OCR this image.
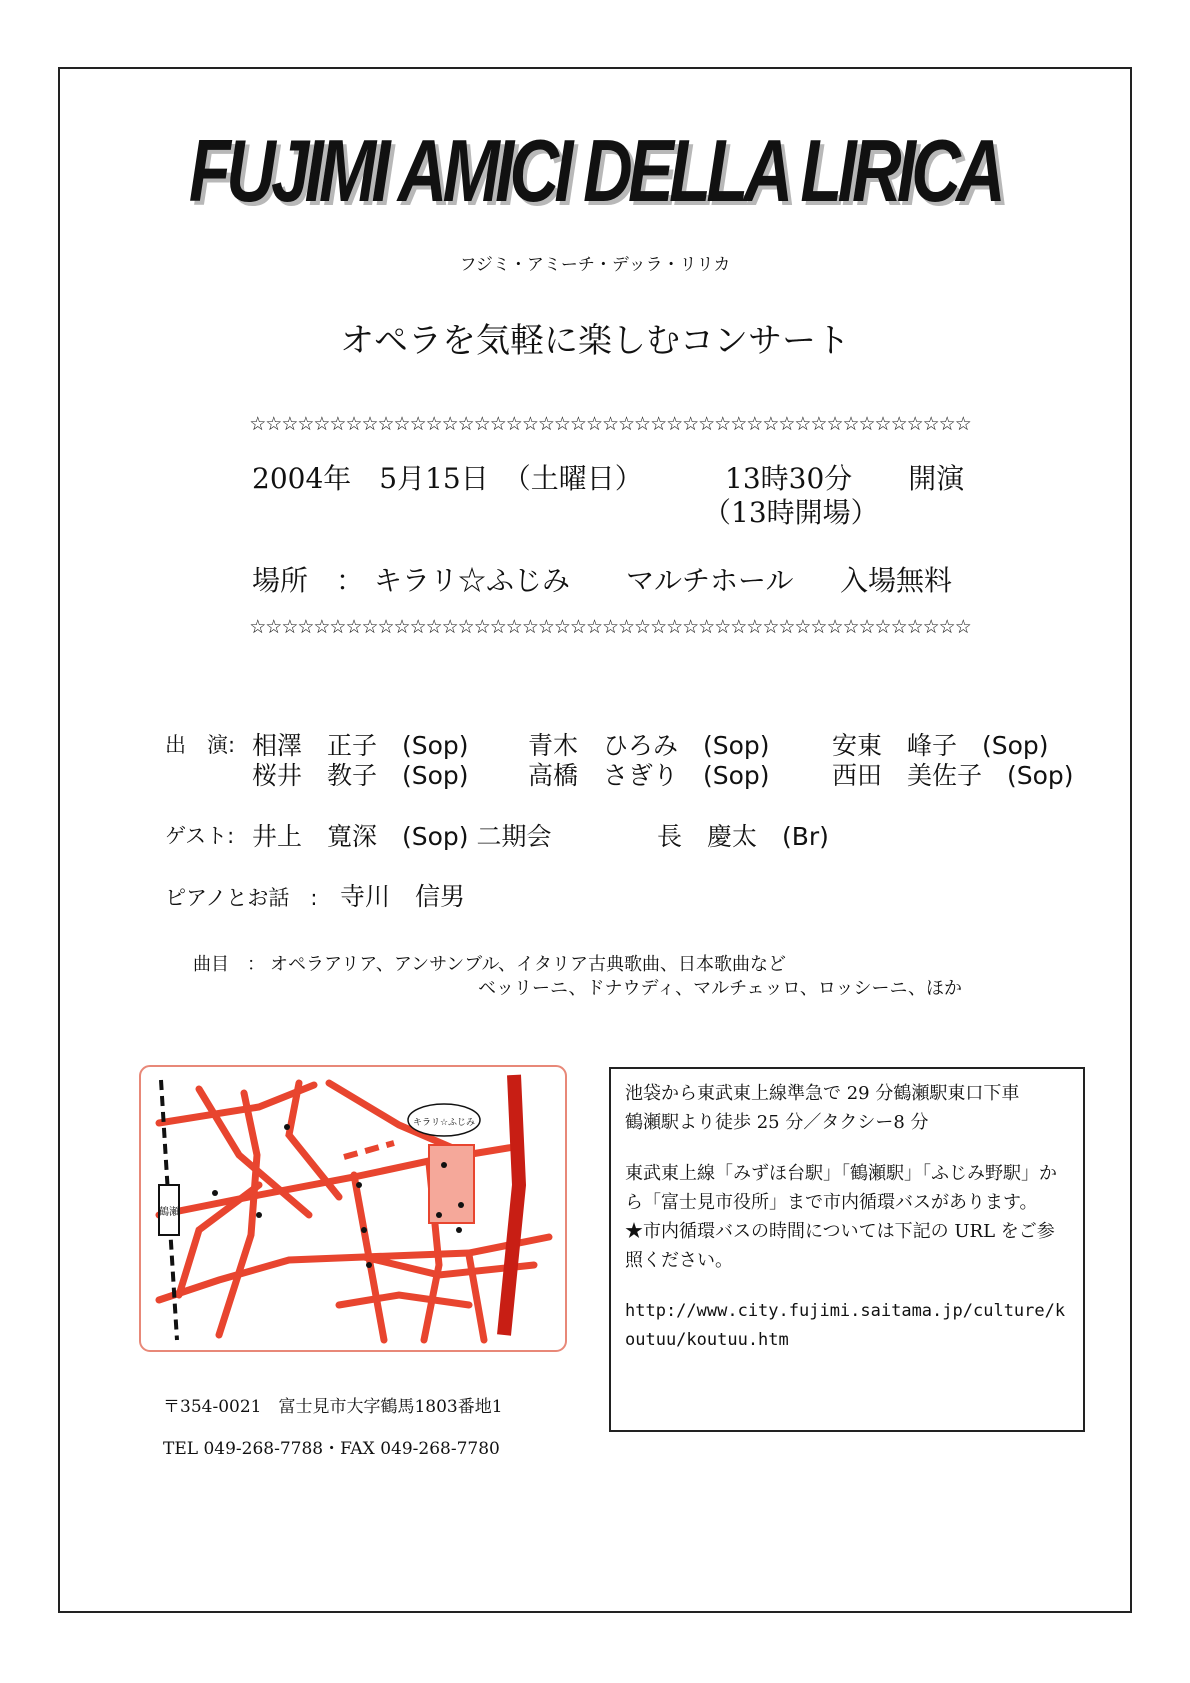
FUJIMI AMICI DELLA LIRICA
フジミ・アミーチ・デッラ・リリカ
オペラを気軽に楽しむコンサート
☆☆☆☆☆☆☆☆☆☆☆☆☆☆☆☆☆☆☆☆☆☆☆☆☆☆☆☆☆☆☆☆☆☆☆☆☆☆☆☆☆☆☆☆☆
2004年　5月15日　（土曜日）	13時30分　　開演
（13時開場）
場所　： キラリ☆ふじみ　　マルチホール 入場無料
☆☆☆☆☆☆☆☆☆☆☆☆☆☆☆☆☆☆☆☆☆☆☆☆☆☆☆☆☆☆☆☆☆☆☆☆☆☆☆☆☆☆☆☆☆
出　演: 相澤　正子　(Sop) 青木　ひろみ　(Sop) 安東　峰子　(Sop)
桜井　教子　(Sop) 高橋　さぎり　(Sop) 西田　美佐子　(Sop)
ゲスト: 井上　寛深　(Sop) 二期会	長　慶太　(Br)
ピアノとお話　: 寺川　信男
曲目　： オペラアリア、アンサンブル、イタリア古典歌曲、日本歌曲など
ベッリーニ、ドナウディ、マルチェッロ、ロッシーニ、ほか
キラリ☆ふじみ
鶴瀬
〒354-0021　富士見市大字鶴馬1803番地1
TEL 049-268-7788・FAX 049-268-7780

池袋から東武東上線準急で 29 分鶴瀬駅東口下車

鶴瀬駅より徒歩 25 分／タクシー8 分

東武東上線「みずほ台駅」「鶴瀬駅」「ふじみ野駅」から「富士見市役所」まで市内循環バスがあります。

★市内循環バスの時間については下記の URL をご参照ください。

http://www.city.fujimi.saitama.jp/culture/koutuu/koutuu.htm
